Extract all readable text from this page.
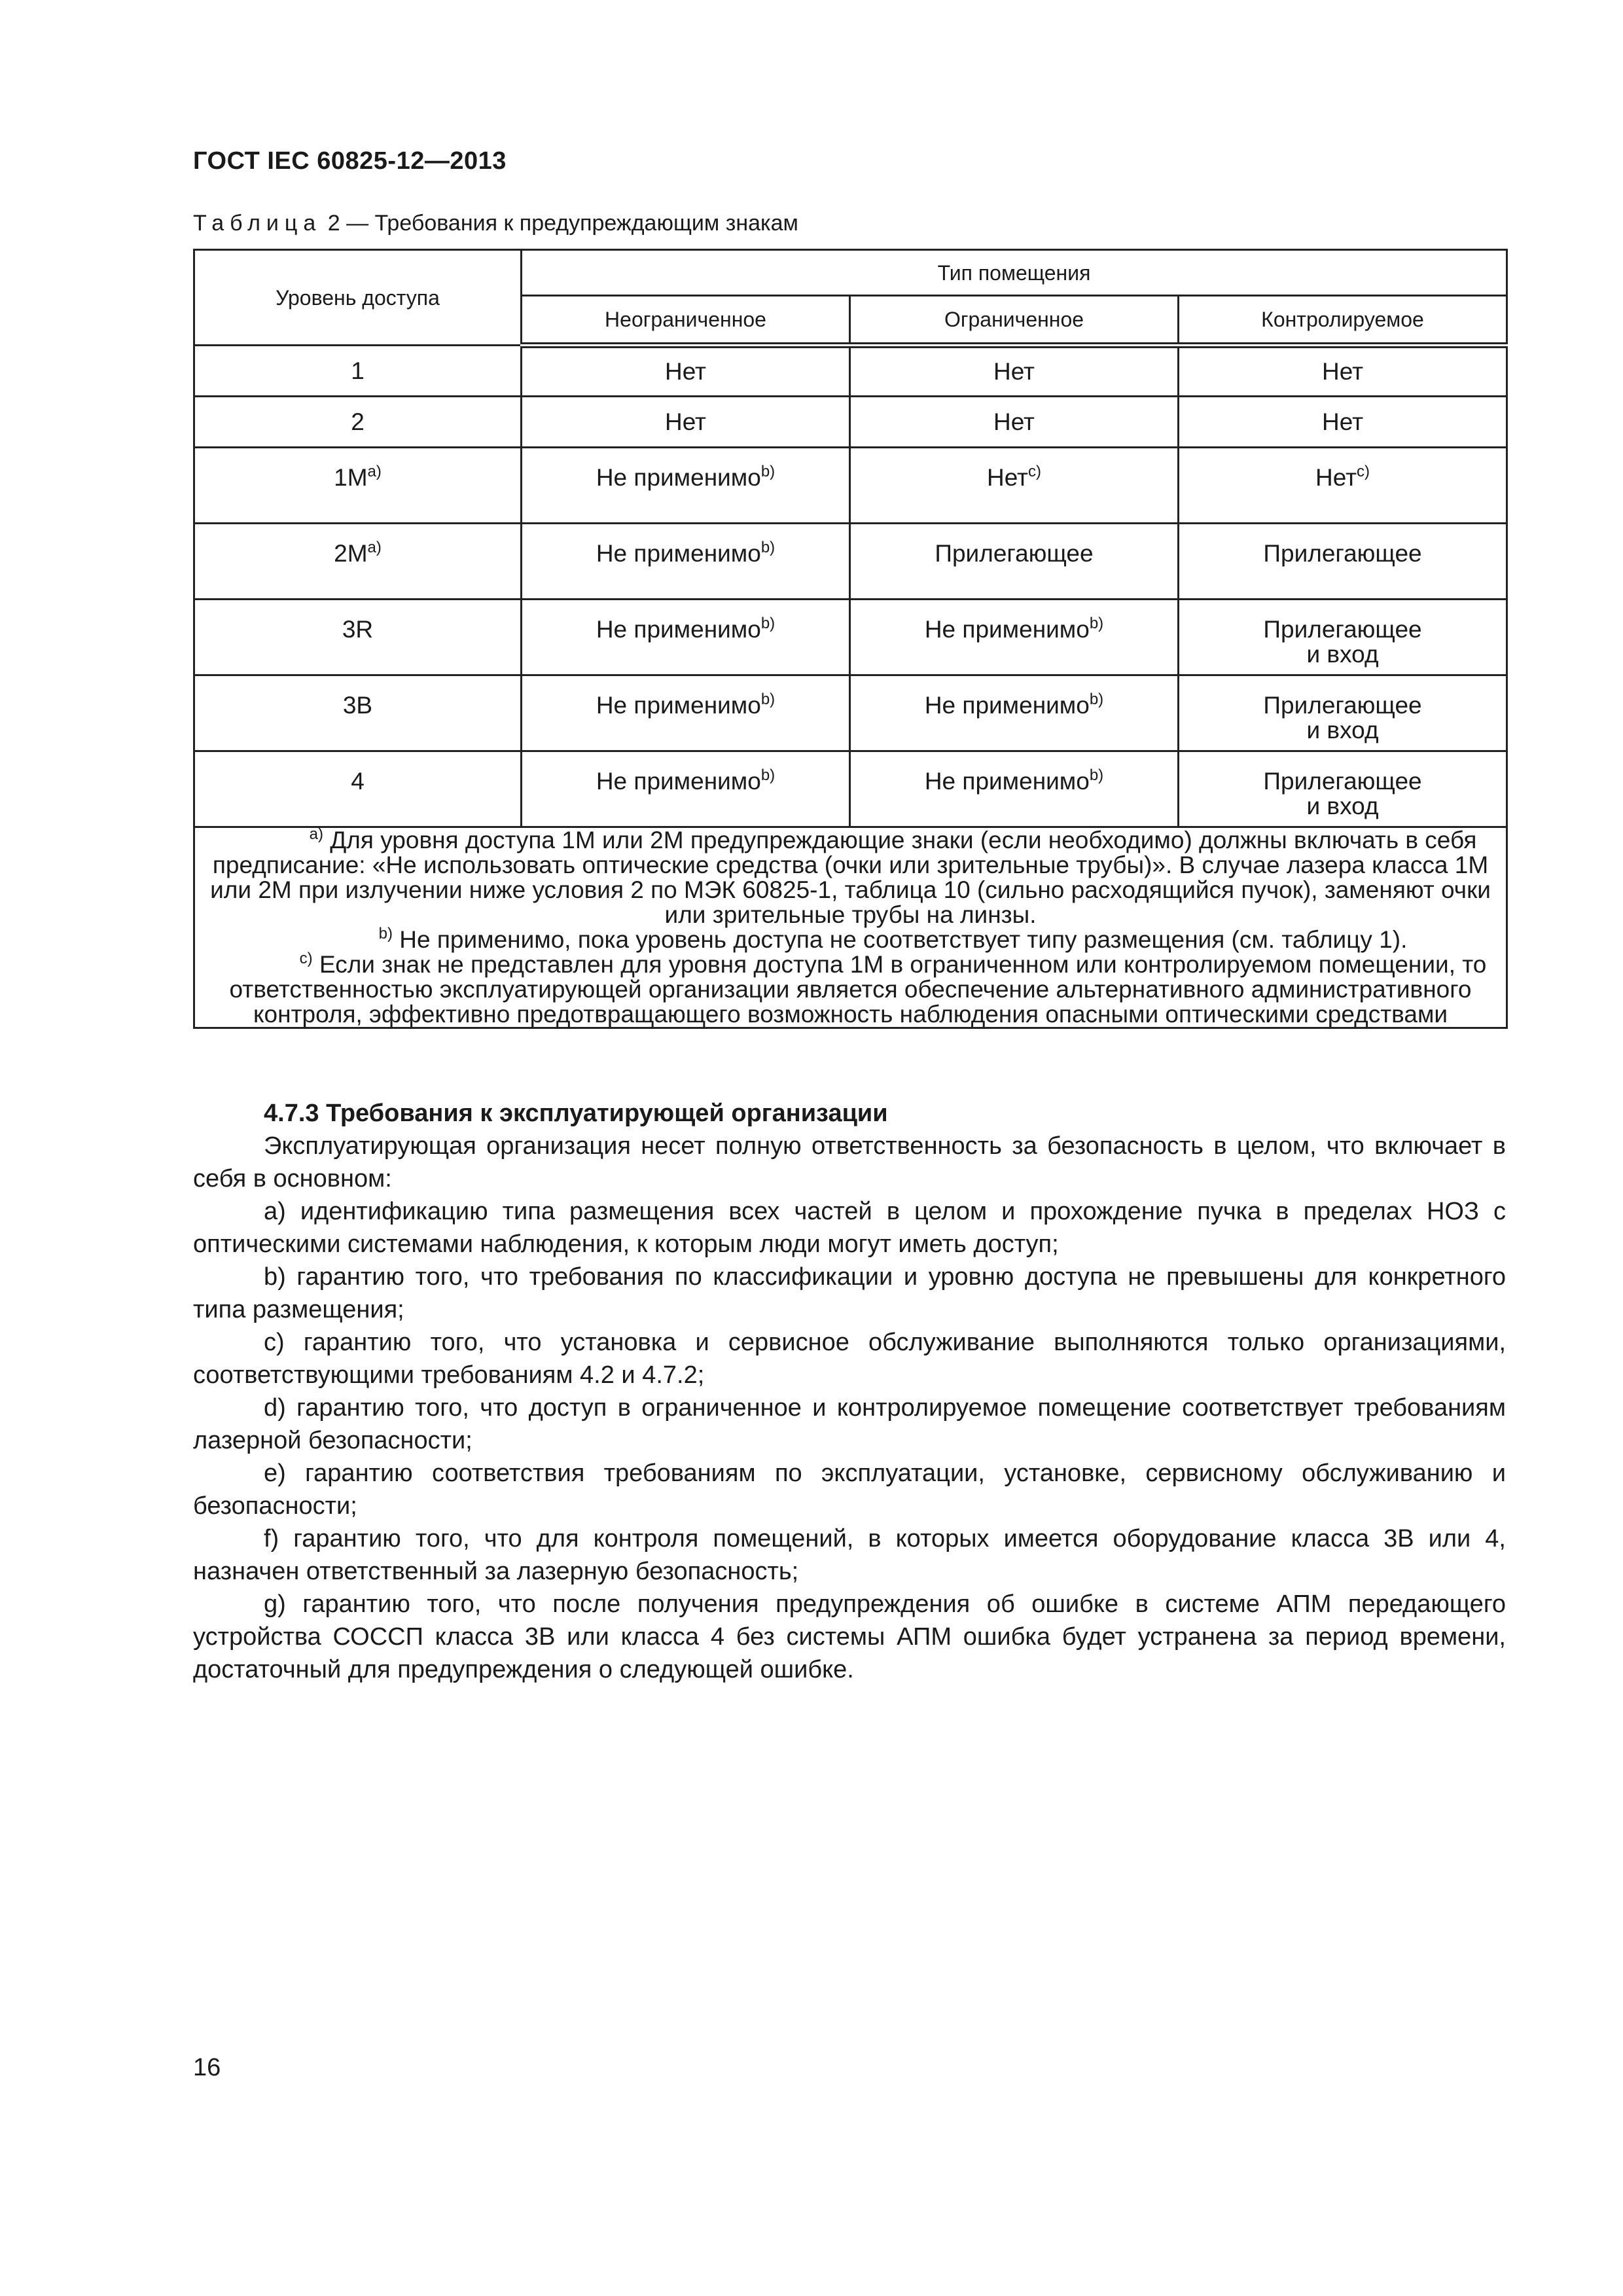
ГОСТ IEC 60825-12—2013
Таблица 2 — Требования к предупреждающим знакам
Уровень доступа	Тип помещения		
	Неограниченное	Ограниченное	Контролируемое
1	Нет	Нет	Нет
2	Нет	Нет	Нет
$1M^{a)}$	Не применимо$^{b)}$	Нет$^{c)}$	Нет$^{c)}$
$2M^{a)}$	Не применимо$^{b)}$	Прилегающее	Прилегающее
3R	Не применимо$^{b)}$	Не применимо$^{b)}$	Прилегающее
и вход
3B	Не применимо$^{b)}$	Не применимо$^{b)}$	Прилегающее
и вход
4	Не применимо$^{b)}$	Не применимо$^{b)}$	Прилегающее
и вход

$^{a)}$ Для уровня доступа 1M или 2M предупреждающие знаки (если необходимо) должны включать в себя предписание: «Не использовать оптические средства (очки или зрительные трубы)». В случае лазера класса 1M или 2M при излучении ниже условия 2 по МЭК 60825-1, таблица 10 (сильно расходящийся пучок), заменяют очки или зрительные трубы на линзы.

$^{b)}$ Не применимо, пока уровень доступа не соответствует типу размещения (см. таблицу 1).

$^{c)}$ Если знак не представлен для уровня доступа 1M в ограниченном или контролируемом помещении, то ответственностью эксплуатирующей организации является обеспечение альтернативного административного контроля, эффективно предотвращающего возможность наблюдения опасными оптическими средствами			

4.7.3 Требования к эксплуатирующей организации

Эксплуатирующая организация несет полную ответственность за безопасность в целом, что включает в себя в основном:

a) идентификацию типа размещения всех частей в целом и прохождение пучка в пределах НОЗ с оптическими системами наблюдения, к которым люди могут иметь доступ;

b) гарантию того, что требования по классификации и уровню доступа не превышены для конкретного типа размещения;

c) гарантию того, что установка и сервисное обслуживание выполняются только организациями, соответствующими требованиям 4.2 и 4.7.2;

d) гарантию того, что доступ в ограниченное и контролируемое помещение соответствует требованиям лазерной безопасности;

e) гарантию соответствия требованиям по эксплуатации, установке, сервисному обслуживанию и безопасности;

f) гарантию того, что для контроля помещений, в которых имеется оборудование класса 3B или 4, назначен ответственный за лазерную безопасность;

g) гарантию того, что после получения предупреждения об ошибке в системе АПМ передающего устройства СОССП класса 3B или класса 4 без системы АПМ ошибка будет устранена за период времени, достаточный для предупреждения о следующей ошибке.

16
